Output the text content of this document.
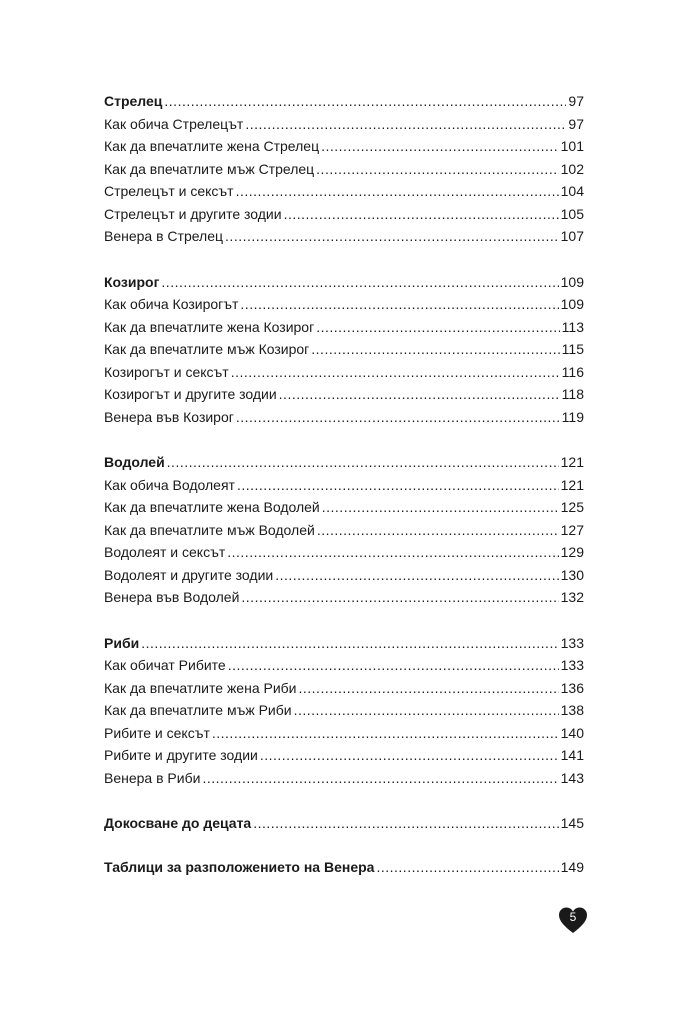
Стрелец .....	97
Как обича Стрелецът .....	97
Как да впечатлите жена Стрелец .....	101
Как да впечатлите мъж Стрелец .....	102
Стрелецът и сексът .....	104
Стрелецът и другите зодии .....	105
Венера в Стрелец .....	107
Козирог .....	109
Как обича Козирогът .....	109
Как да впечатлите жена Козирог .....	113
Как да впечатлите мъж Козирог .....	115
Козирогът и сексът .....	116
Козирогът и другите зодии .....	118
Венера във Козирог .....	119
Водолей .....	121
Как обича Водолеят .....	121
Как да впечатлите жена Водолей .....	125
Как да впечатлите мъж Водолей .....	127
Водолеят и сексът .....	129
Водолеят и другите зодии .....	130
Венера във Водолей .....	132
Риби .....	133
Как обичат Рибите .....	133
Как да впечатлите жена Риби .....	136
Как да впечатлите мъж Риби .....	138
Рибите и сексът .....	140
Рибите и другите зодии .....	141
Венера в Риби .....	143
Докосване до децата .....	145
Таблици за разположението на Венера .....	149
5
